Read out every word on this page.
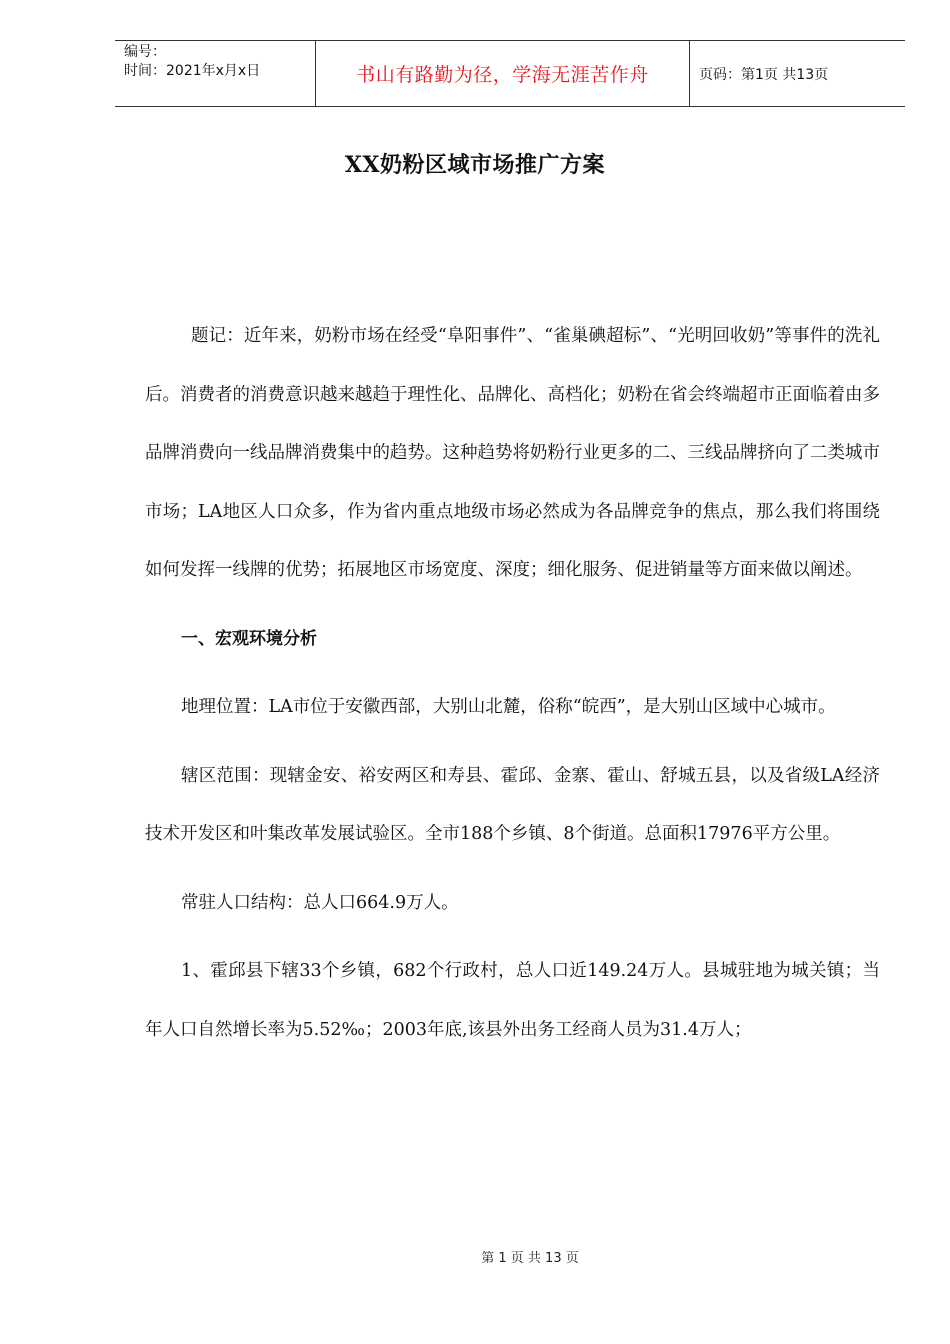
编号：
时间：2021年x月x日	书山有路勤为径，学海无涯苦作舟	页码：第1页 共13页
XX奶粉区域市场推广方案

题记：近年来，奶粉市场在经受“阜阳事件”、“雀巢碘超标”、“光明回收奶”等事件的洗礼后。消费者的消费意识越来越趋于理性化、品牌化、高档化；奶粉在省会终端超市正面临着由多品牌消费向一线品牌消费集中的趋势。这种趋势将奶粉行业更多的二、三线品牌挤向了二类城市市场；LA地区人口众多，作为省内重点地级市场必然成为各品牌竞争的焦点，那么我们将围绕如何发挥一线牌的优势；拓展地区市场宽度、深度；细化服务、促进销量等方面来做以阐述。

一、宏观环境分析

地理位置：LA市位于安徽西部，大别山北麓，俗称“皖西”，是大别山区域中心城市。

辖区范围：现辖金安、裕安两区和寿县、霍邱、金寨、霍山、舒城五县，以及省级LA经济技术开发区和叶集改革发展试验区。全市188个乡镇、8个街道。总面积17976平方公里。

常驻人口结构：总人口664.9万人。

1、霍邱县下辖33个乡镇，682个行政村，总人口近149.24万人。县城驻地为城关镇；当年人口自然增长率为5.52‰；2003年底,该县外出务工经商人员为31.4万人；

第 1 页 共 13 页
